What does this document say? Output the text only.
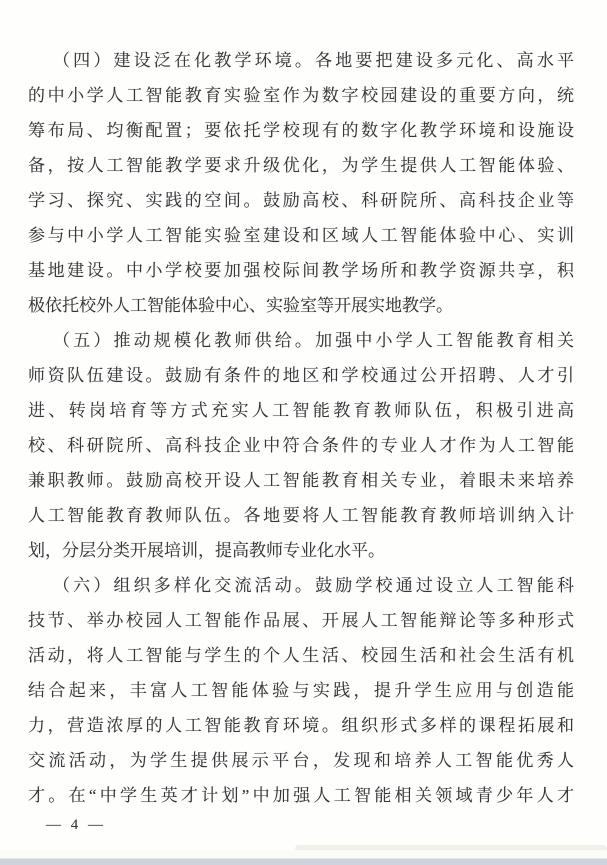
（四）建设泛在化教学环境。各地要把建设多元化、高水平
的中小学人工智能教育实验室作为数字校园建设的重要方向，统
筹布局、均衡配置；要依托学校现有的数字化教学环境和设施设
备，按人工智能教学要求升级优化，为学生提供人工智能体验、
学习、探究、实践的空间。鼓励高校、科研院所、高科技企业等
参与中小学人工智能实验室建设和区域人工智能体验中心、实训
基地建设。中小学校要加强校际间教学场所和教学资源共享，积
极依托校外人工智能体验中心、实验室等开展实地教学。
（五）推动规模化教师供给。加强中小学人工智能教育相关
师资队伍建设。鼓励有条件的地区和学校通过公开招聘、人才引
进、转岗培育等方式充实人工智能教育教师队伍，积极引进高
校、科研院所、高科技企业中符合条件的专业人才作为人工智能
兼职教师。鼓励高校开设人工智能教育相关专业，着眼未来培养
人工智能教育教师队伍。各地要将人工智能教育教师培训纳入计
划，分层分类开展培训，提高教师专业化水平。
（六）组织多样化交流活动。鼓励学校通过设立人工智能科
技节、举办校园人工智能作品展、开展人工智能辩论等多种形式
活动，将人工智能与学生的个人生活、校园生活和社会生活有机
结合起来，丰富人工智能体验与实践，提升学生应用与创造能
力，营造浓厚的人工智能教育环境。组织形式多样的课程拓展和
交流活动，为学生提供展示平台，发现和培养人工智能优秀人
才。在“中学生英才计划”中加强人工智能相关领域青少年人才
— 4 —
